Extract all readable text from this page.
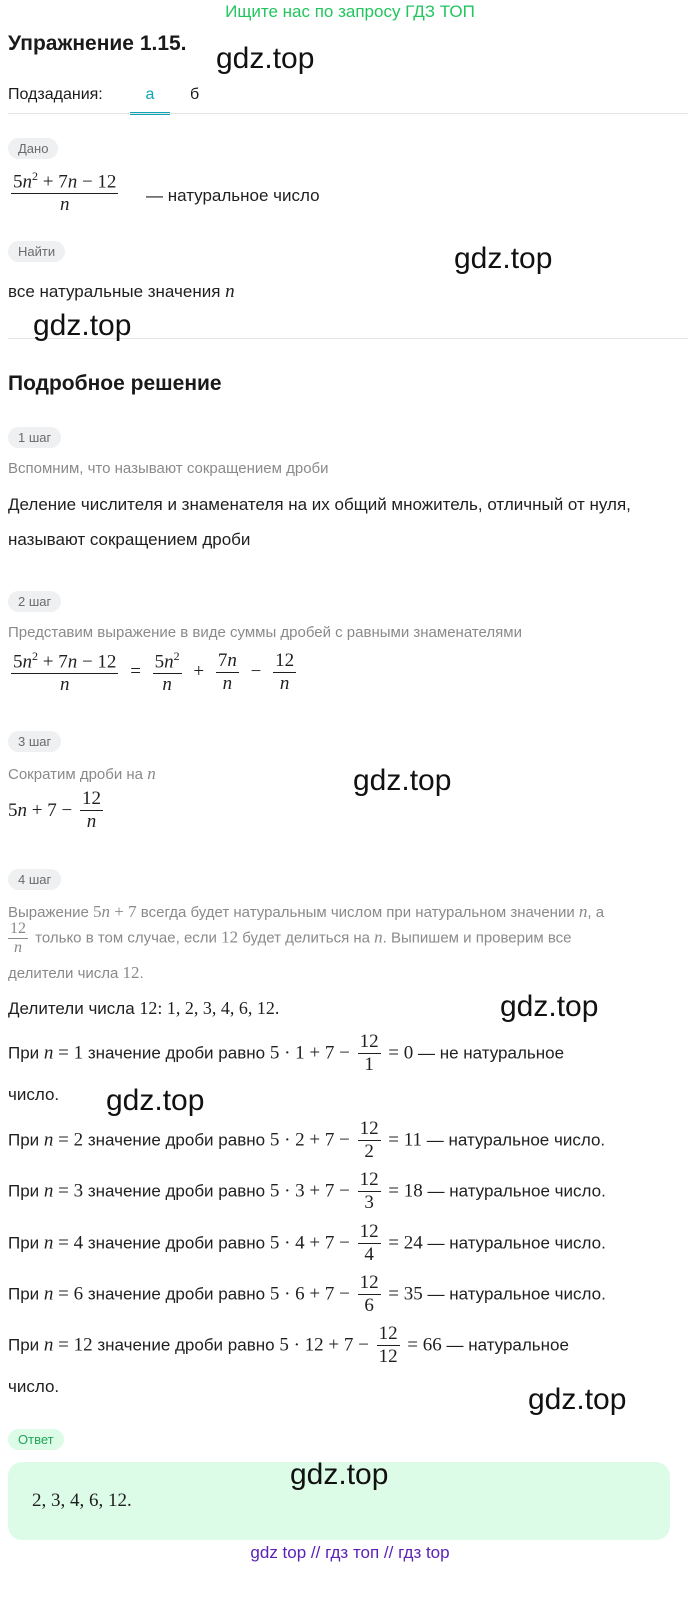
Ищите нас по запросу ГДЗ ТОП
Упражнение 1.15.
Подзадания:	а	б
Дано
$\frac{5n^2 + 7n - 12}{n}$ — натуральное число
Найти
все натуральные значения n
Подробное решение
1 шаг
Вспомним, что называют сокращением дроби
Деление числителя и знаменателя на их общий множитель, отличный от нуля,
называют сокращением дроби
2 шаг
Представим выражение в виде суммы дробей с равными знаменателями
$\frac{5n^2 + 7n - 12}{n} = \frac{5n^2}{n} + \frac{7n}{n} - \frac{12}{n}$
3 шаг
Сократим дроби на n
$5n + 7 - \frac{12}{n}$
4 шаг
Выражение 5n + 7 всегда будет натуральным числом при натуральном значении n, а
$\frac{12}{n}$ только в том случае, если 12 будет делиться на n. Выпишем и проверим все
делители числа 12.
Делители числа 12: 1, 2, 3, 4, 6, 12.
При n = 1 значение дроби равно $5 \cdot 1 + 7 - \frac{12}{1} = 0$ — не натуральное
число.
При n = 2 значение дроби равно $5 \cdot 2 + 7 - \frac{12}{2} = 11$ — натуральное число.
При n = 3 значение дроби равно $5 \cdot 3 + 7 - \frac{12}{3} = 18$ — натуральное число.
При n = 4 значение дроби равно $5 \cdot 4 + 7 - \frac{12}{4} = 24$ — натуральное число.
При n = 6 значение дроби равно $5 \cdot 6 + 7 - \frac{12}{6} = 35$ — натуральное число.
При n = 12 значение дроби равно $5 \cdot 12 + 7 - \frac{12}{12} = 66$ — натуральное
число.
Ответ
2, 3, 4, 6, 12.
gdz.top
gdz.top
gdz.top
gdz.top
gdz.top
gdz.top
gdz.top
gdz.top
gdz top // гдз топ // гдз top
